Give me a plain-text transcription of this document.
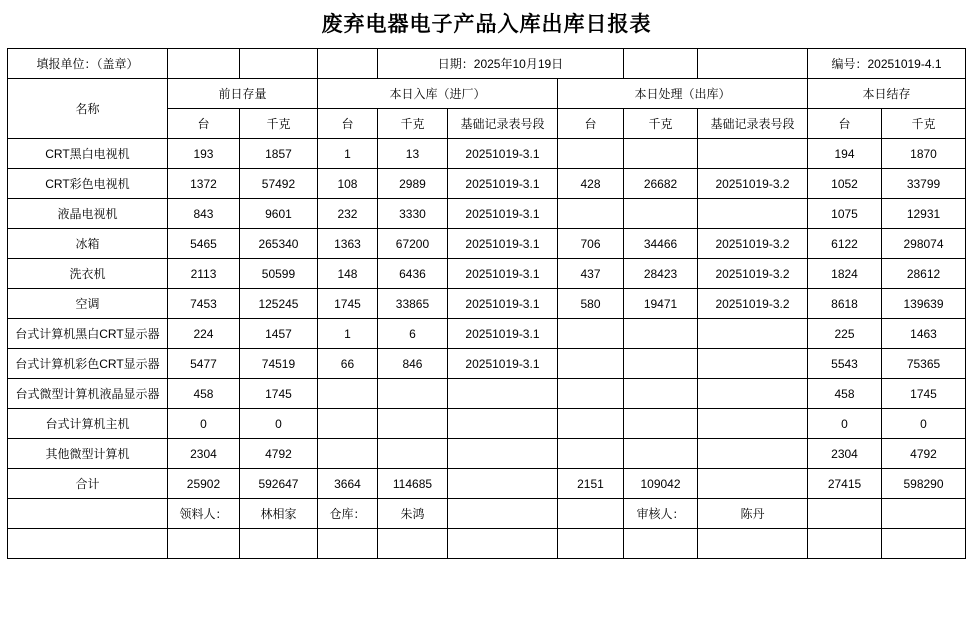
废弃电器电子产品入库出库日报表
填报单位：（盖章）				日期：2025年10月19日					编号：20251019-4.1	
名称	前日存量		本日入库（进厂）			本日处理（出库）			本日结存	
	台	千克	台	千克	基础记录表号段	台	千克	基础记录表号段	台	千克
CRT黑白电视机	193	1857	1	13	20251019-3.1				194	1870
CRT彩色电视机	1372	57492	108	2989	20251019-3.1	428	26682	20251019-3.2	1052	33799
液晶电视机	843	9601	232	3330	20251019-3.1				1075	12931
冰箱	5465	265340	1363	67200	20251019-3.1	706	34466	20251019-3.2	6122	298074
洗衣机	2113	50599	148	6436	20251019-3.1	437	28423	20251019-3.2	1824	28612
空调	7453	125245	1745	33865	20251019-3.1	580	19471	20251019-3.2	8618	139639
台式计算机黑白CRT显示器	224	1457	1	6	20251019-3.1				225	1463
台式计算机彩色CRT显示器	5477	74519	66	846	20251019-3.1				5543	75365
台式微型计算机液晶显示器	458	1745							458	1745
台式计算机主机	0	0							0	0
其他微型计算机	2304	4792							2304	4792
合计	25902	592647	3664	114685		2151	109042		27415	598290
	领料人：	林相家	仓库：	朱鸿			审核人：	陈丹		
